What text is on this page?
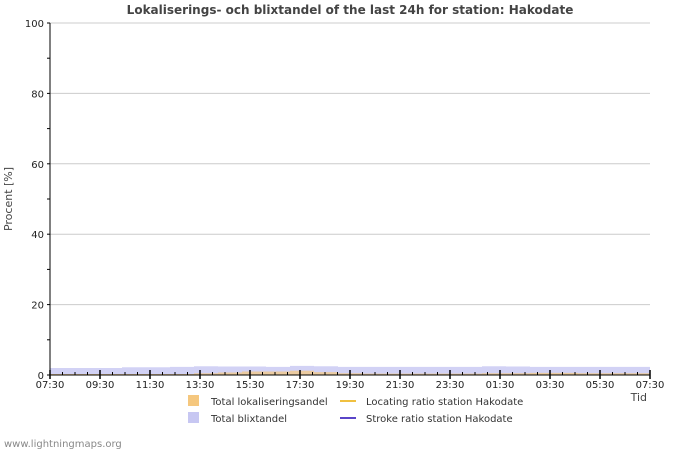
Lokaliserings- och blixtandel of the last 24h for station: Hakodate
0
20
40
60
80
100
07:30 09:30 11:30 13:30 15:30 17:30 19:30 21:30 23:30 01:30 03:30 05:30 07:30
Procent [%]
Tid
Total lokaliseringsandel
Total blixtandel
Locating ratio station Hakodate
Stroke ratio station Hakodate
www.lightningmaps.org
